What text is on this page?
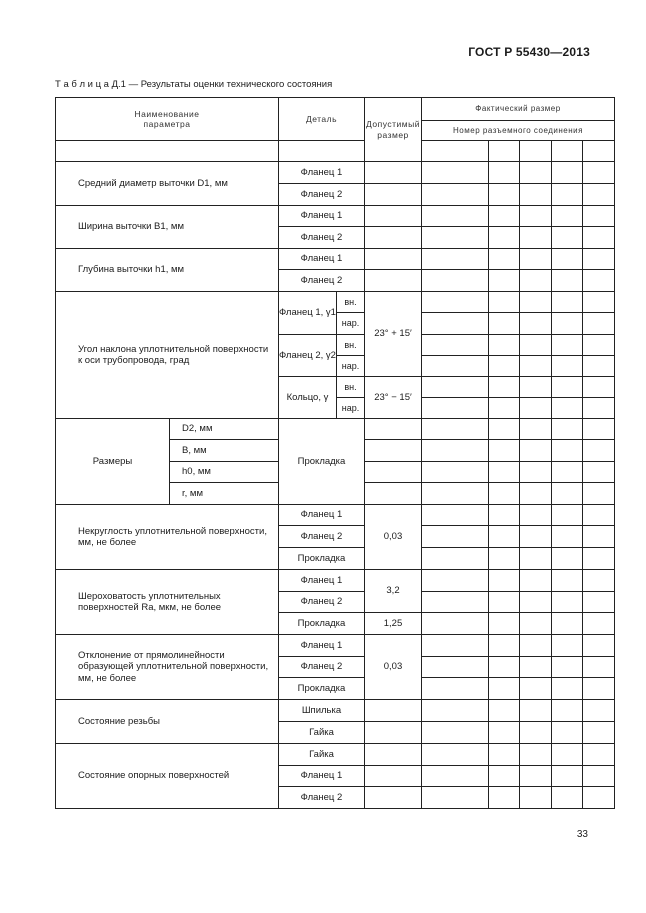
ГОСТ Р 55430—2013
Т а б л и ц а Д.1 — Результаты оценки технического состояния
Наименование параметра		Деталь		Допустимый размер	Фактический размер				
					Номер разъемного соединения				

Средний диаметр выточки D1, мм		Фланец 1							
		Фланец 2							
Ширина выточки B1, мм		Фланец 1							
		Фланец 2							
Глубина выточки h1, мм		Фланец 1							
		Фланец 2							
Угол наклона уплотнительной поверхности к оси трубопровода, град		Фланец 1, γ1	вн.	23° + 15′					
			нар.						
		Фланец 2, γ2	вн.						
			нар.						
		Кольцо, γ	вн.	23° − 15′					
			нар.						
Размеры	D2, мм	Прокладка							
	B, мм								
	h0, мм								
	r, мм								
Некруглость уплотнительной поверхности, мм, не более		Фланец 1		0,03					
		Фланец 2							
		Прокладка							
Шероховатость уплотнительных поверхностей Ra, мкм, не более		Фланец 1		3,2					
		Фланец 2							
		Прокладка		1,25					
Отклонение от прямолинейности образующей уплотнительной поверхности, мм, не более		Фланец 1		0,03					
		Фланец 2							
		Прокладка							
Состояние резьбы		Шпилька							
		Гайка							
Состояние опорных поверхностей		Гайка							
		Фланец 1							
		Фланец 2							
33
